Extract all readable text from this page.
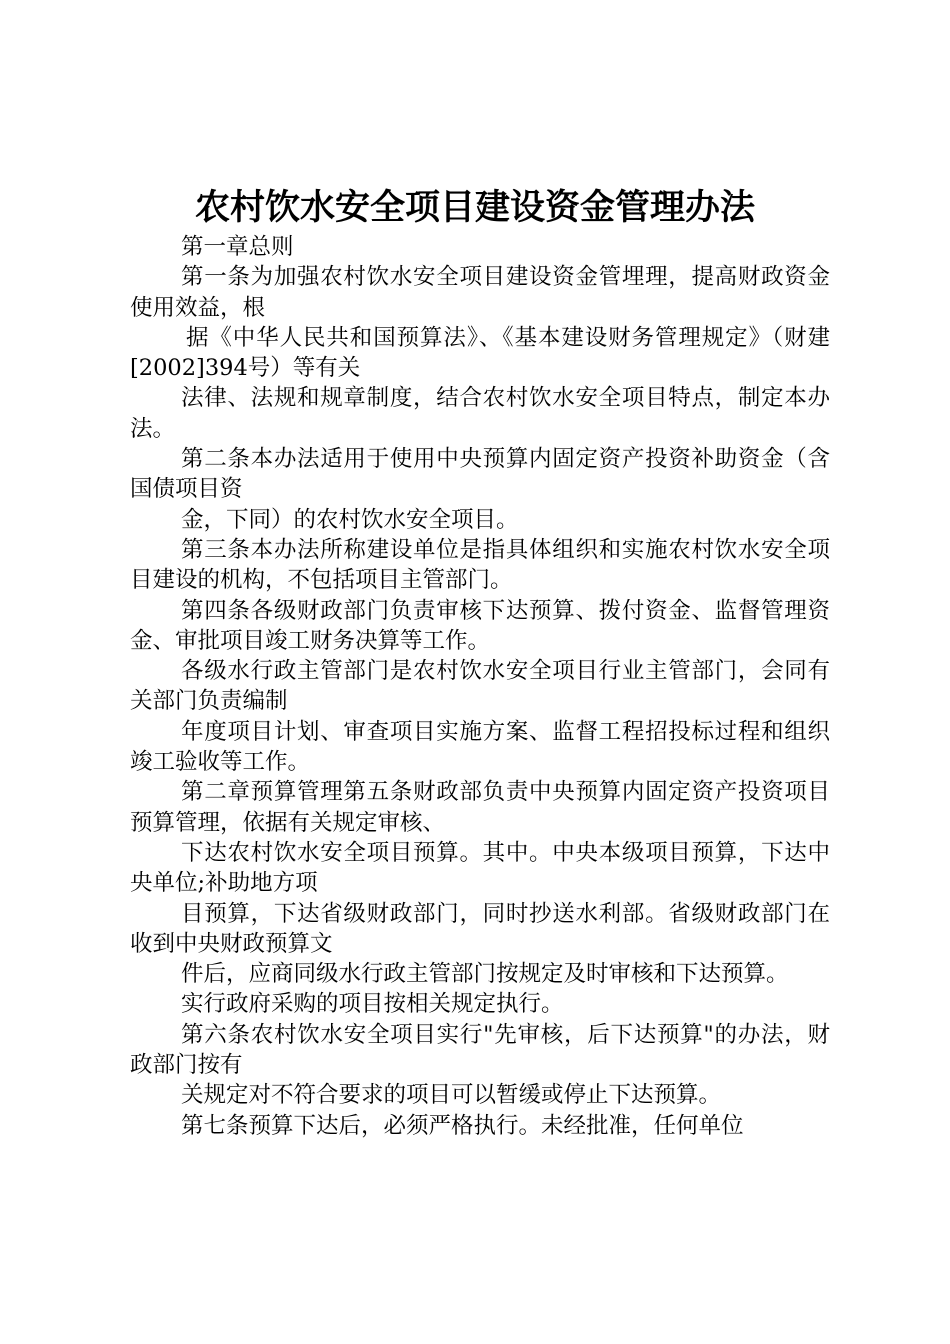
农村饮水安全项目建设资金管理办法

第一章总则

第一条为加强农村饮水安全项目建设资金管埋理，提高财政资金使用效益，根

据《中华人民共和国预算法》、《基本建设财务管理规定》（财建[2002]394号）等有关

法律、法规和规章制度，结合农村饮水安全项目特点，制定本办法。

第二条本办法适用于使用中央预算内固定资产投资补助资金（含国债项目资

金，下同）的农村饮水安全项目。

第三条本办法所称建设单位是指具体组织和实施农村饮水安全项目建设的机构，不包括项目主管部门。

第四条各级财政部门负责审核下达预算、拨付资金、监督管理资金、审批项目竣工财务决算等工作。

各级水行政主管部门是农村饮水安全项目行业主管部门，会同有关部门负责编制

年度项目计划、审查项目实施方案、监督工程招投标过程和组织竣工验收等工作。

第二章预算管理第五条财政部负责中央预算内固定资产投资项目预算管理，依据有关规定审核、

下达农村饮水安全项目预算。其中。中央本级项目预算，下达中央单位;补助地方项

目预算，下达省级财政部门，同时抄送水利部。省级财政部门在收到中央财政预算文

件后，应商同级水行政主管部门按规定及时审核和下达预算。

实行政府采购的项目按相关规定执行。

第六条农村饮水安全项目实行"先审核，后下达预算"的办法，财政部门按有

关规定对不符合要求的项目可以暂缓或停止下达预算。

第七条预算下达后，必须严格执行。未经批准，任何单位
